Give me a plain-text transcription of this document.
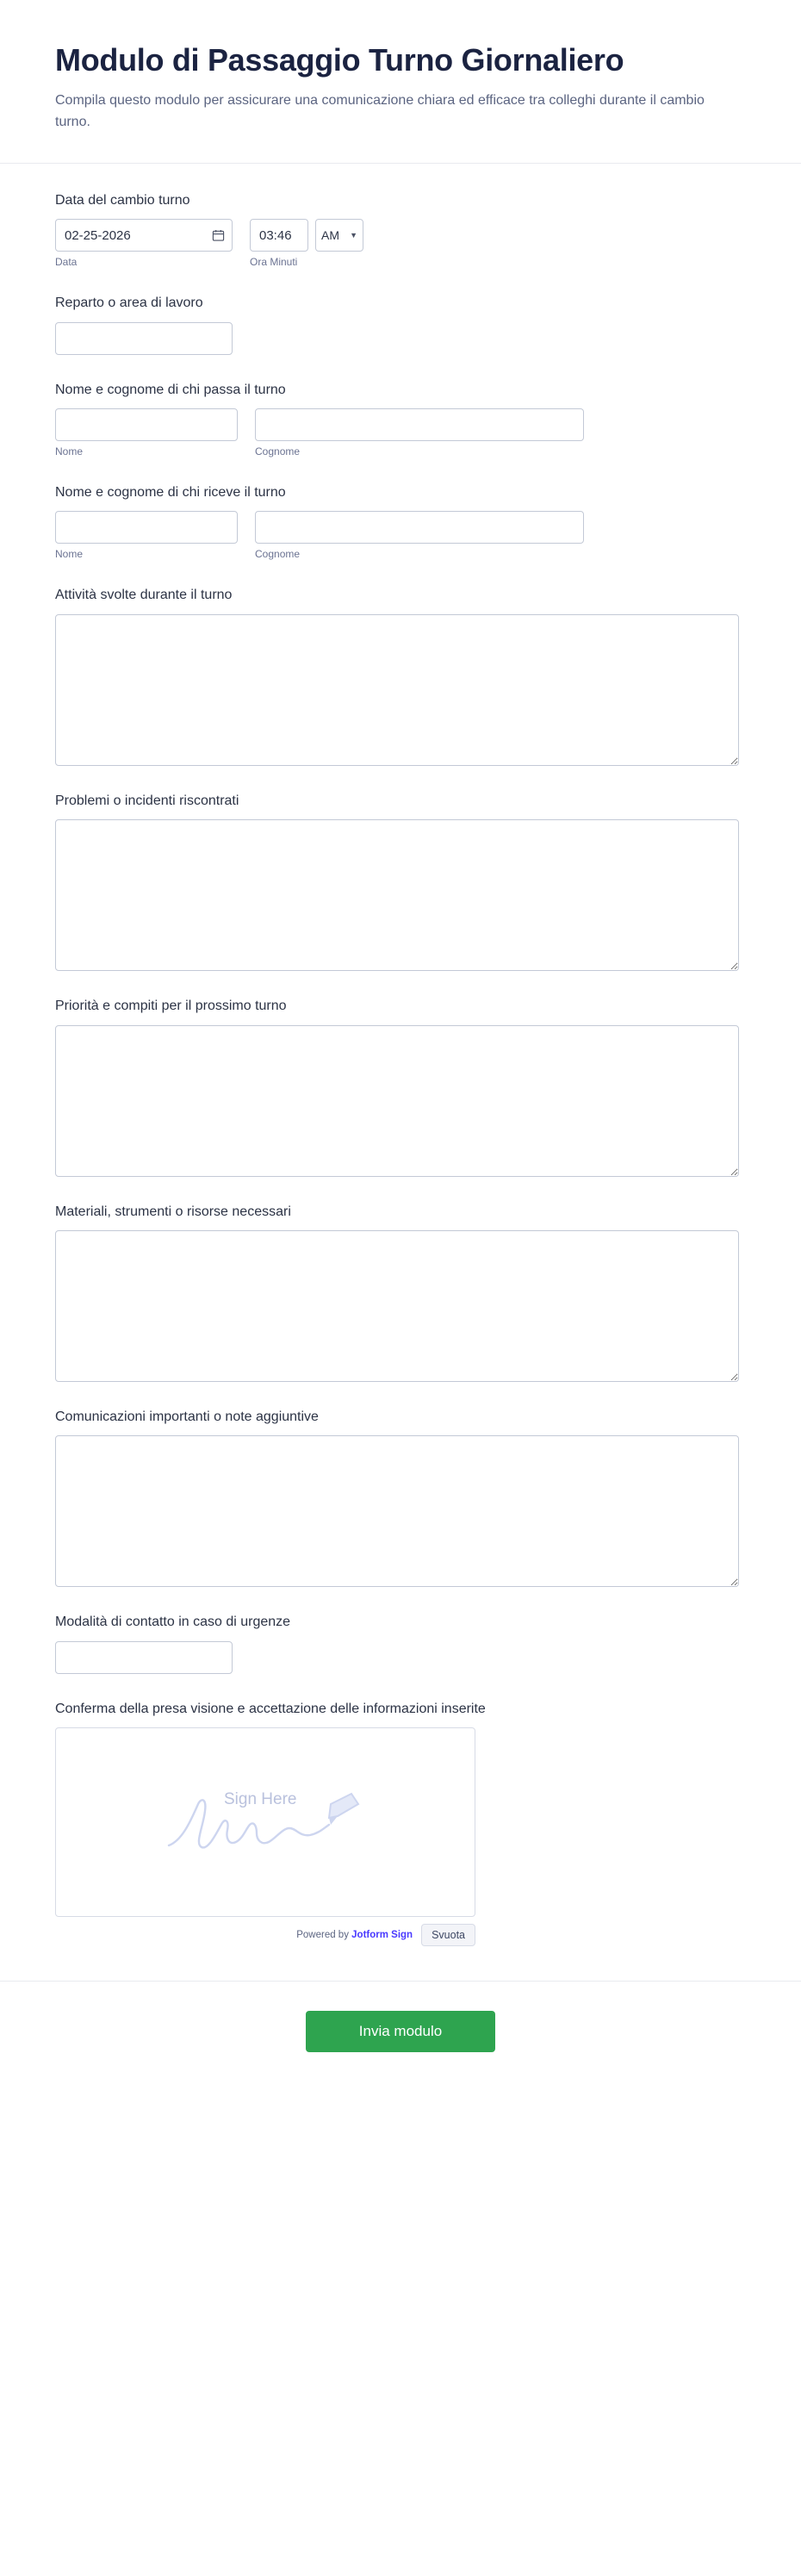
Modulo di Passaggio Turno Giornaliero

Compila questo modulo per assicurare una comunicazione chiara ed efficace tra colleghi durante il cambio turno.

Data del cambio turno
02-25-2026
Data
03:46
AM
▼
Ora Minuti
Reparto o area di lavoro
Nome e cognome di chi passa il turno
Nome	Cognome
Nome e cognome di chi riceve il turno
Nome	Cognome
Attività svolte durante il turno
Problemi o incidenti riscontrati
Priorità e compiti per il prossimo turno
Materiali, strumenti o risorse necessari
Comunicazioni importanti o note aggiuntive
Modalità di contatto in caso di urgenze
Conferma della presa visione e accettazione delle informazioni inserite
Sign Here
Powered by Jotform Sign	Svuota
Invia modulo
